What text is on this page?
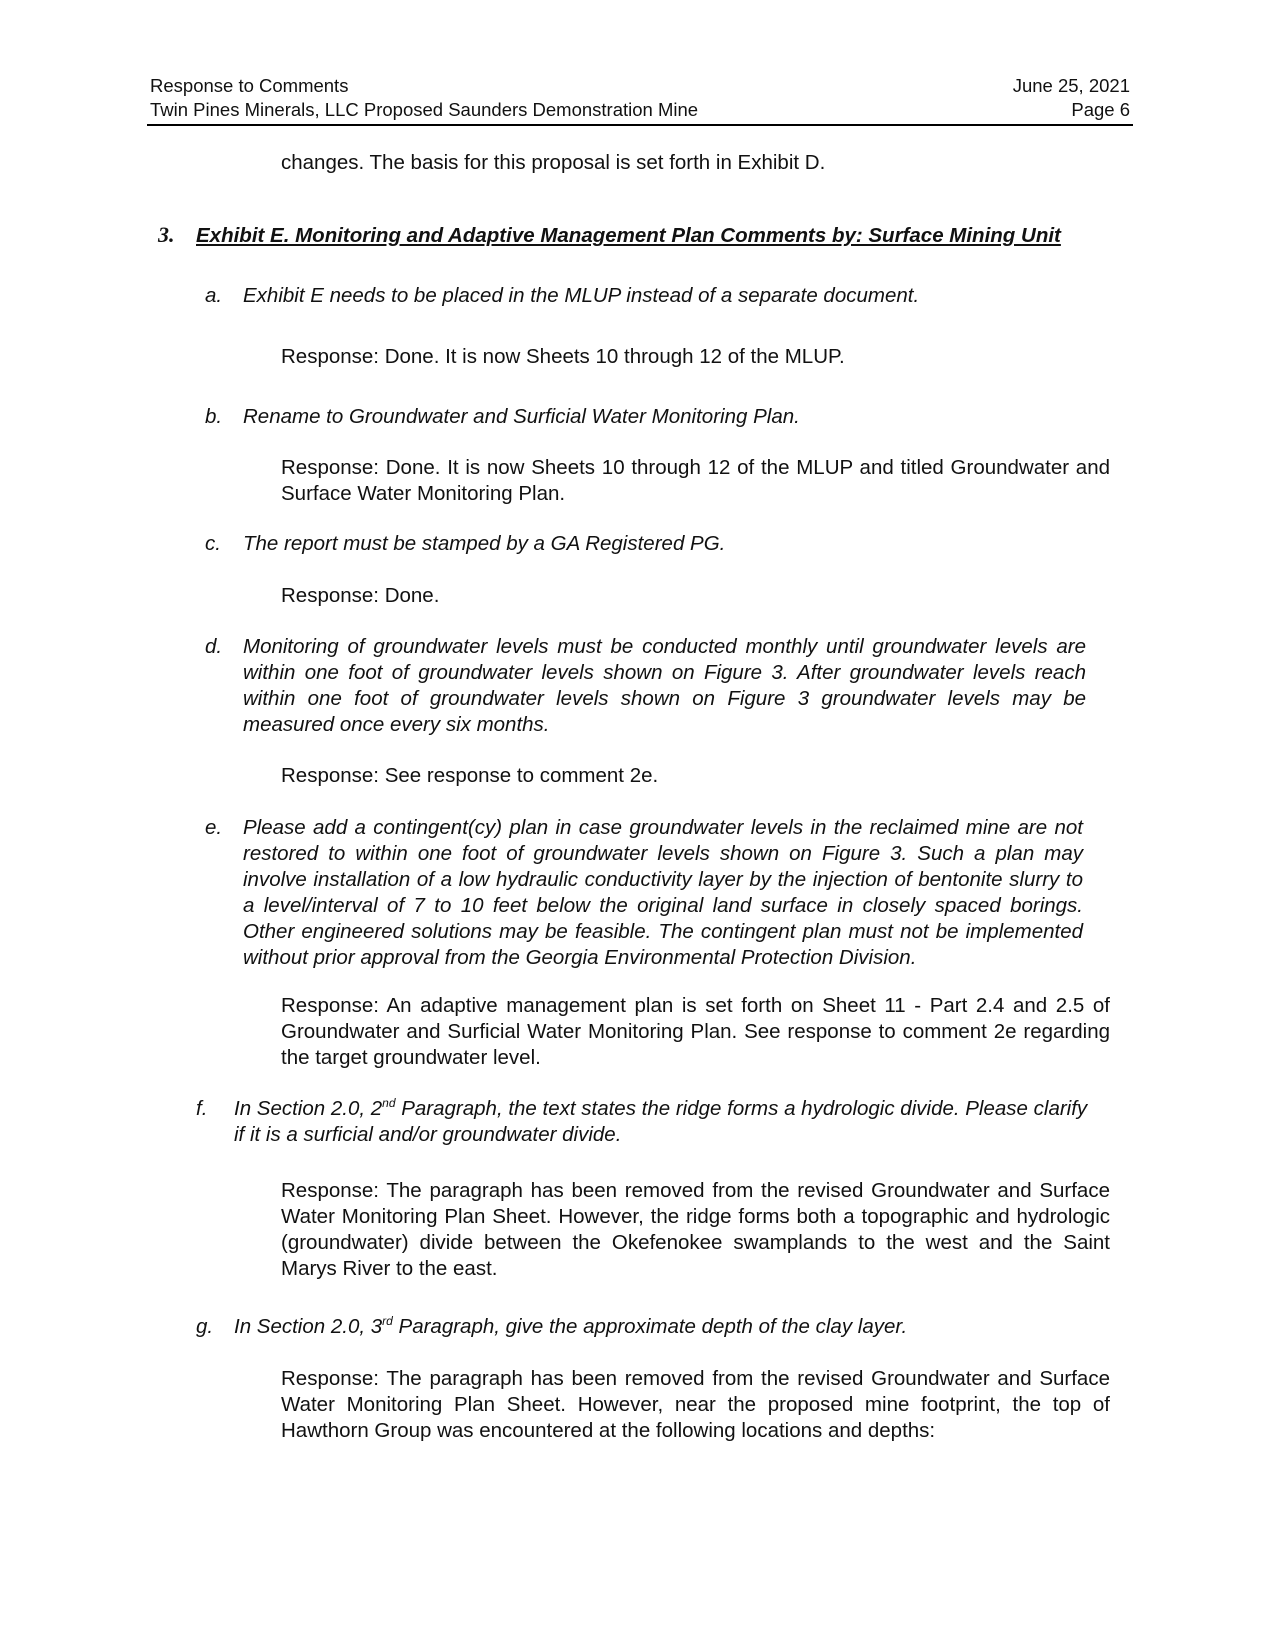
Response to Comments	June 25, 2021
Twin Pines Minerals, LLC Proposed Saunders Demonstration Mine	Page 6
changes. The basis for this proposal is set forth in Exhibit D.
3. Exhibit E. Monitoring and Adaptive Management Plan Comments by: Surface Mining Unit
a.	Exhibit E needs to be placed in the MLUP instead of a separate document.
Response: Done. It is now Sheets 10 through 12 of the MLUP.
b.	Rename to Groundwater and Surficial Water Monitoring Plan.
Response: Done. It is now Sheets 10 through 12 of the MLUP and titled Groundwater and Surface Water Monitoring Plan.
c.	The report must be stamped by a GA Registered PG.
Response: Done.
d.	Monitoring of groundwater levels must be conducted monthly until groundwater levels are within one foot of groundwater levels shown on Figure 3. After groundwater levels reach within one foot of groundwater levels shown on Figure 3 groundwater levels may be measured once every six months.
Response: See response to comment 2e.
e.	Please add a contingent(cy) plan in case groundwater levels in the reclaimed mine are not restored to within one foot of groundwater levels shown on Figure 3. Such a plan may involve installation of a low hydraulic conductivity layer by the injection of bentonite slurry to a level/interval of 7 to 10 feet below the original land surface in closely spaced borings. Other engineered solutions may be feasible. The contingent plan must not be implemented without prior approval from the Georgia Environmental Protection Division.
Response: An adaptive management plan is set forth on Sheet 11 - Part 2.4 and 2.5 of Groundwater and Surficial Water Monitoring Plan. See response to comment 2e regarding the target groundwater level.
f.	In Section 2.0, 2nd Paragraph, the text states the ridge forms a hydrologic divide. Please clarify if it is a surficial and/or groundwater divide.
Response: The paragraph has been removed from the revised Groundwater and Surface Water Monitoring Plan Sheet. However, the ridge forms both a topographic and hydrologic (groundwater) divide between the Okefenokee swamplands to the west and the Saint Marys River to the east.
g.	In Section 2.0, 3rd Paragraph, give the approximate depth of the clay layer.
Response: The paragraph has been removed from the revised Groundwater and Surface Water Monitoring Plan Sheet. However, near the proposed mine footprint, the top of Hawthorn Group was encountered at the following locations and depths:
